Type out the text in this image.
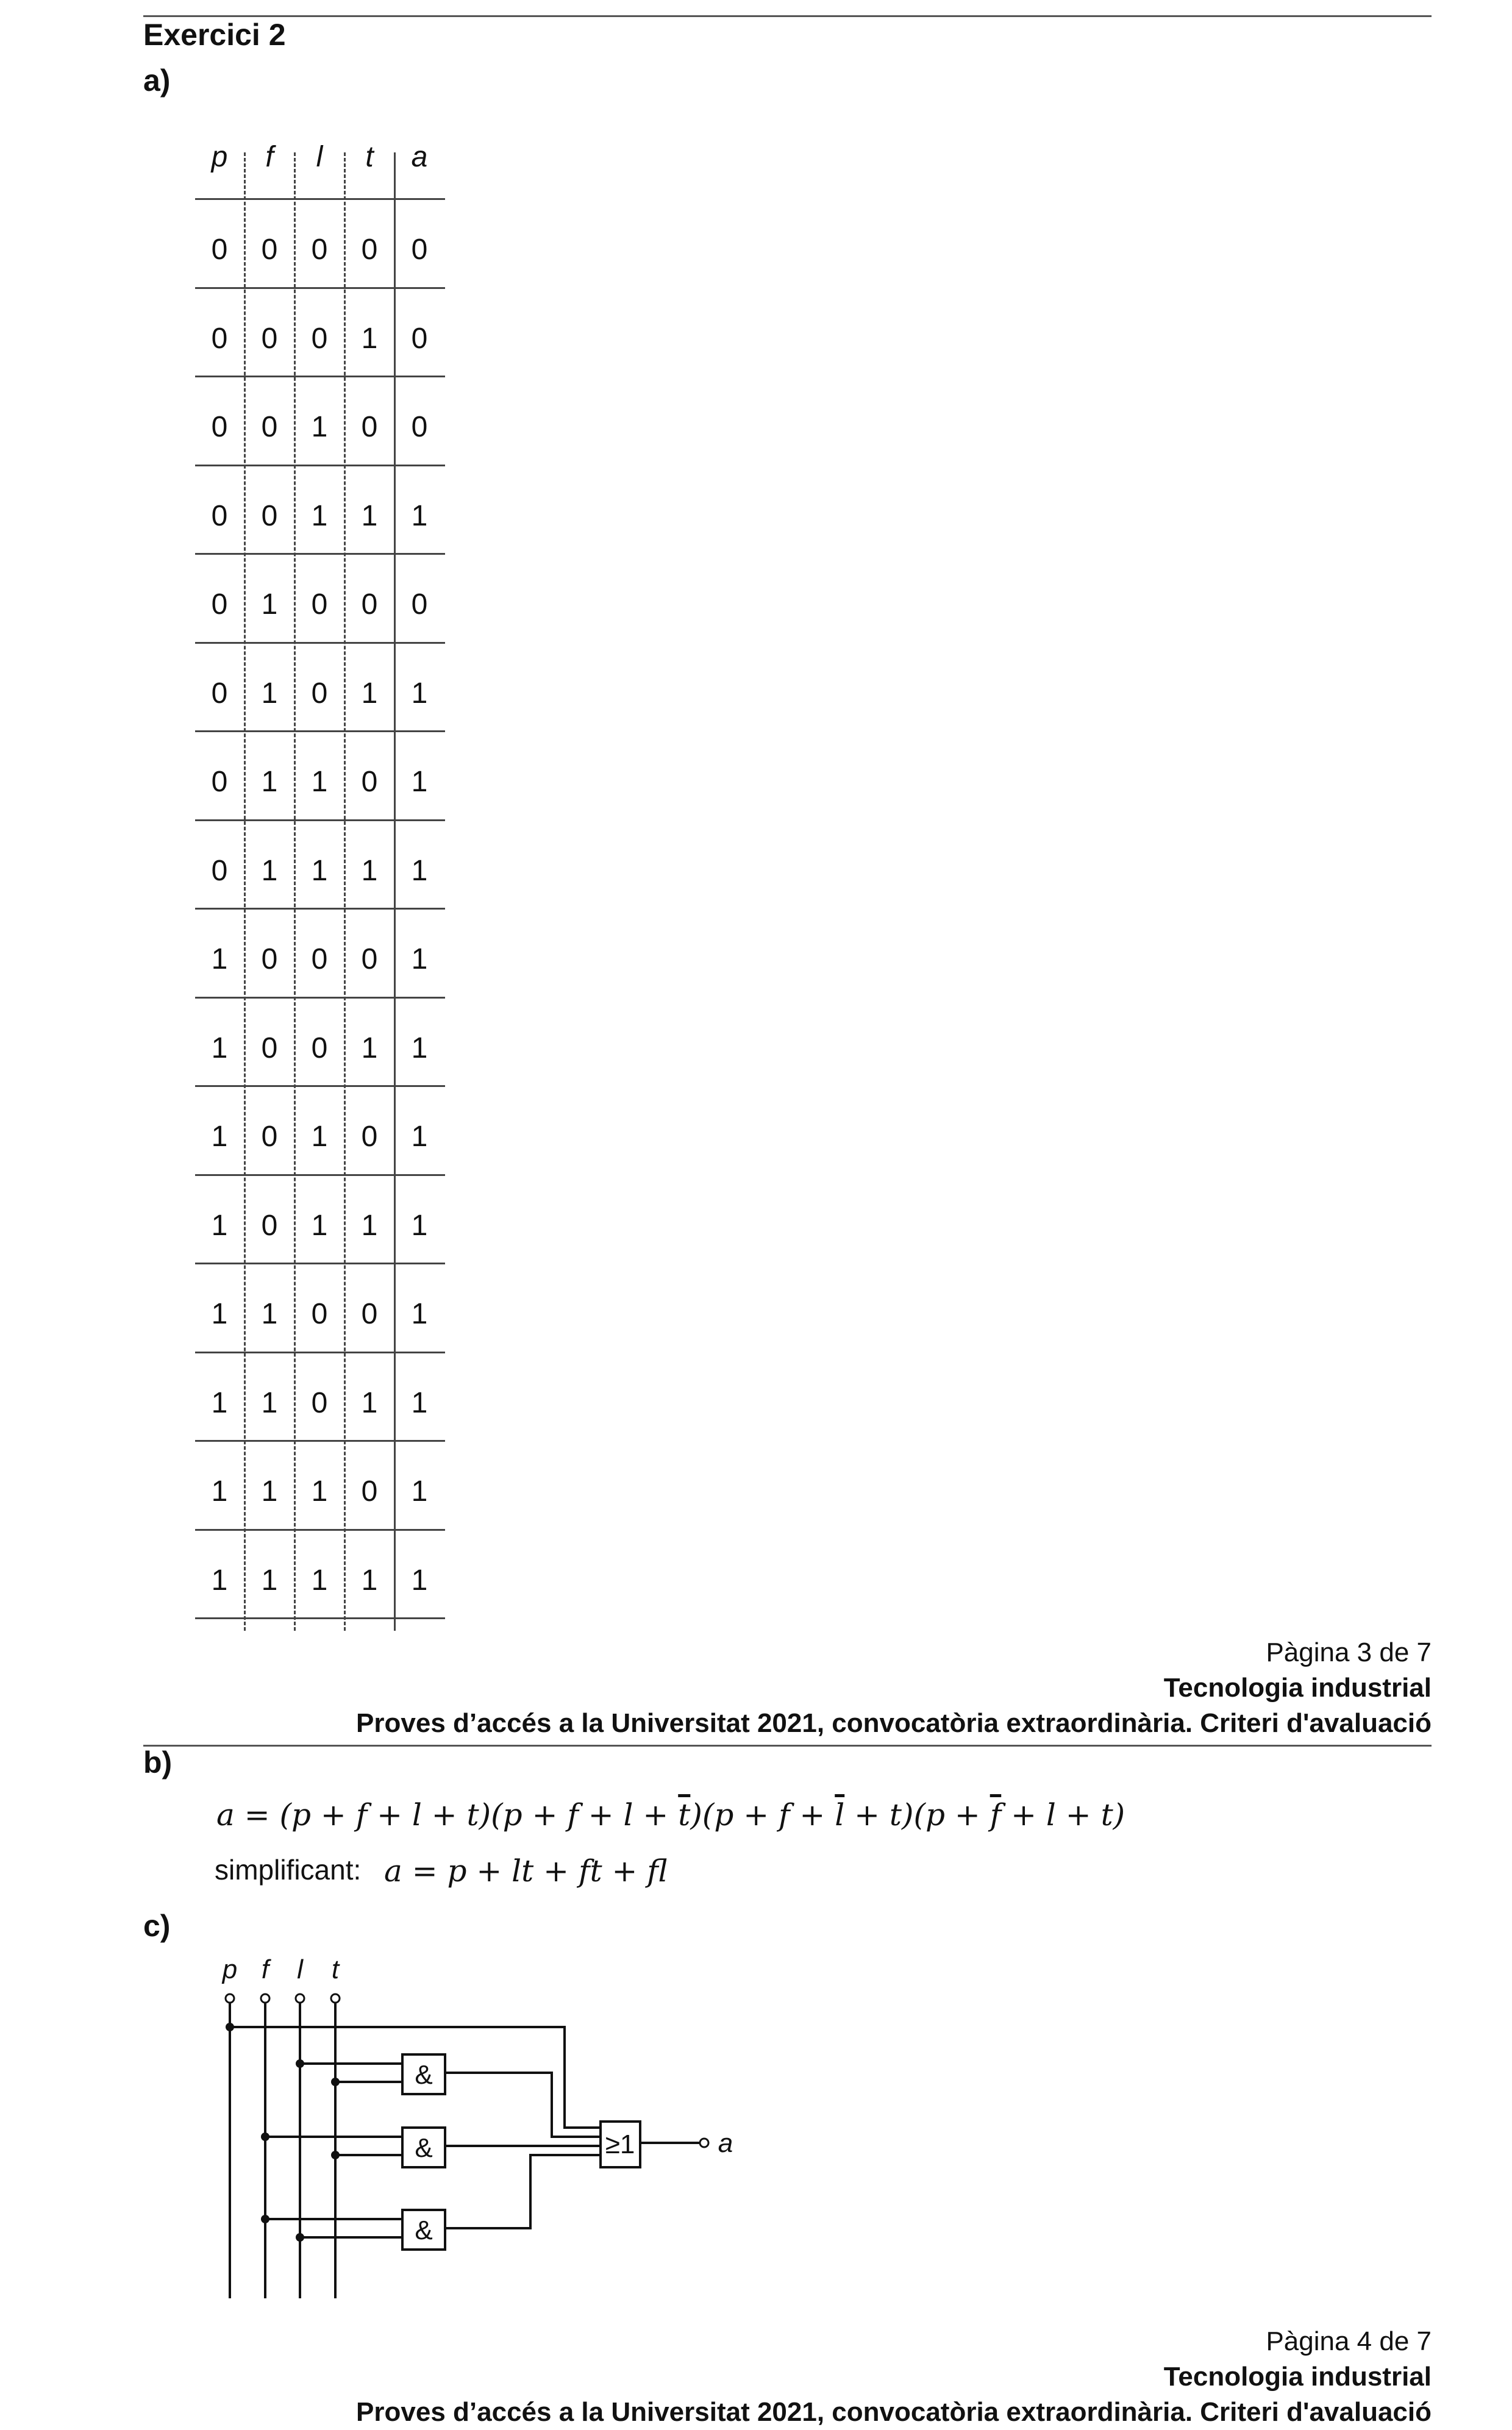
Exercici 2
a)
p	f	l	t	a
0	0	0	0	0
0	0	0	1	0
0	0	1	0	0
0	0	1	1	1
0	1	0	0	0
0	1	0	1	1
0	1	1	0	1
0	1	1	1	1
1	0	0	0	1
1	0	0	1	1
1	0	1	0	1
1	0	1	1	1
1	1	0	0	1
1	1	0	1	1
1	1	1	0	1
1	1	1	1	1
Pàgina 3 de 7
Tecnologia industrial
Proves d’accés a la Universitat 2021, convocatòria extraordinària. Criteri d'avaluació
b)
$a = (p + f + l + t)(p + f + l + \overline{t})(p + f + \overline{l} + t)(p + \overline{f} + l + t)$
simplificant: a = p + lt + ft + fl
c)
p f l t
&
&
&
≥1	a
Pàgina 4 de 7
Tecnologia industrial
Proves d’accés a la Universitat 2021, convocatòria extraordinària. Criteri d'avaluació
